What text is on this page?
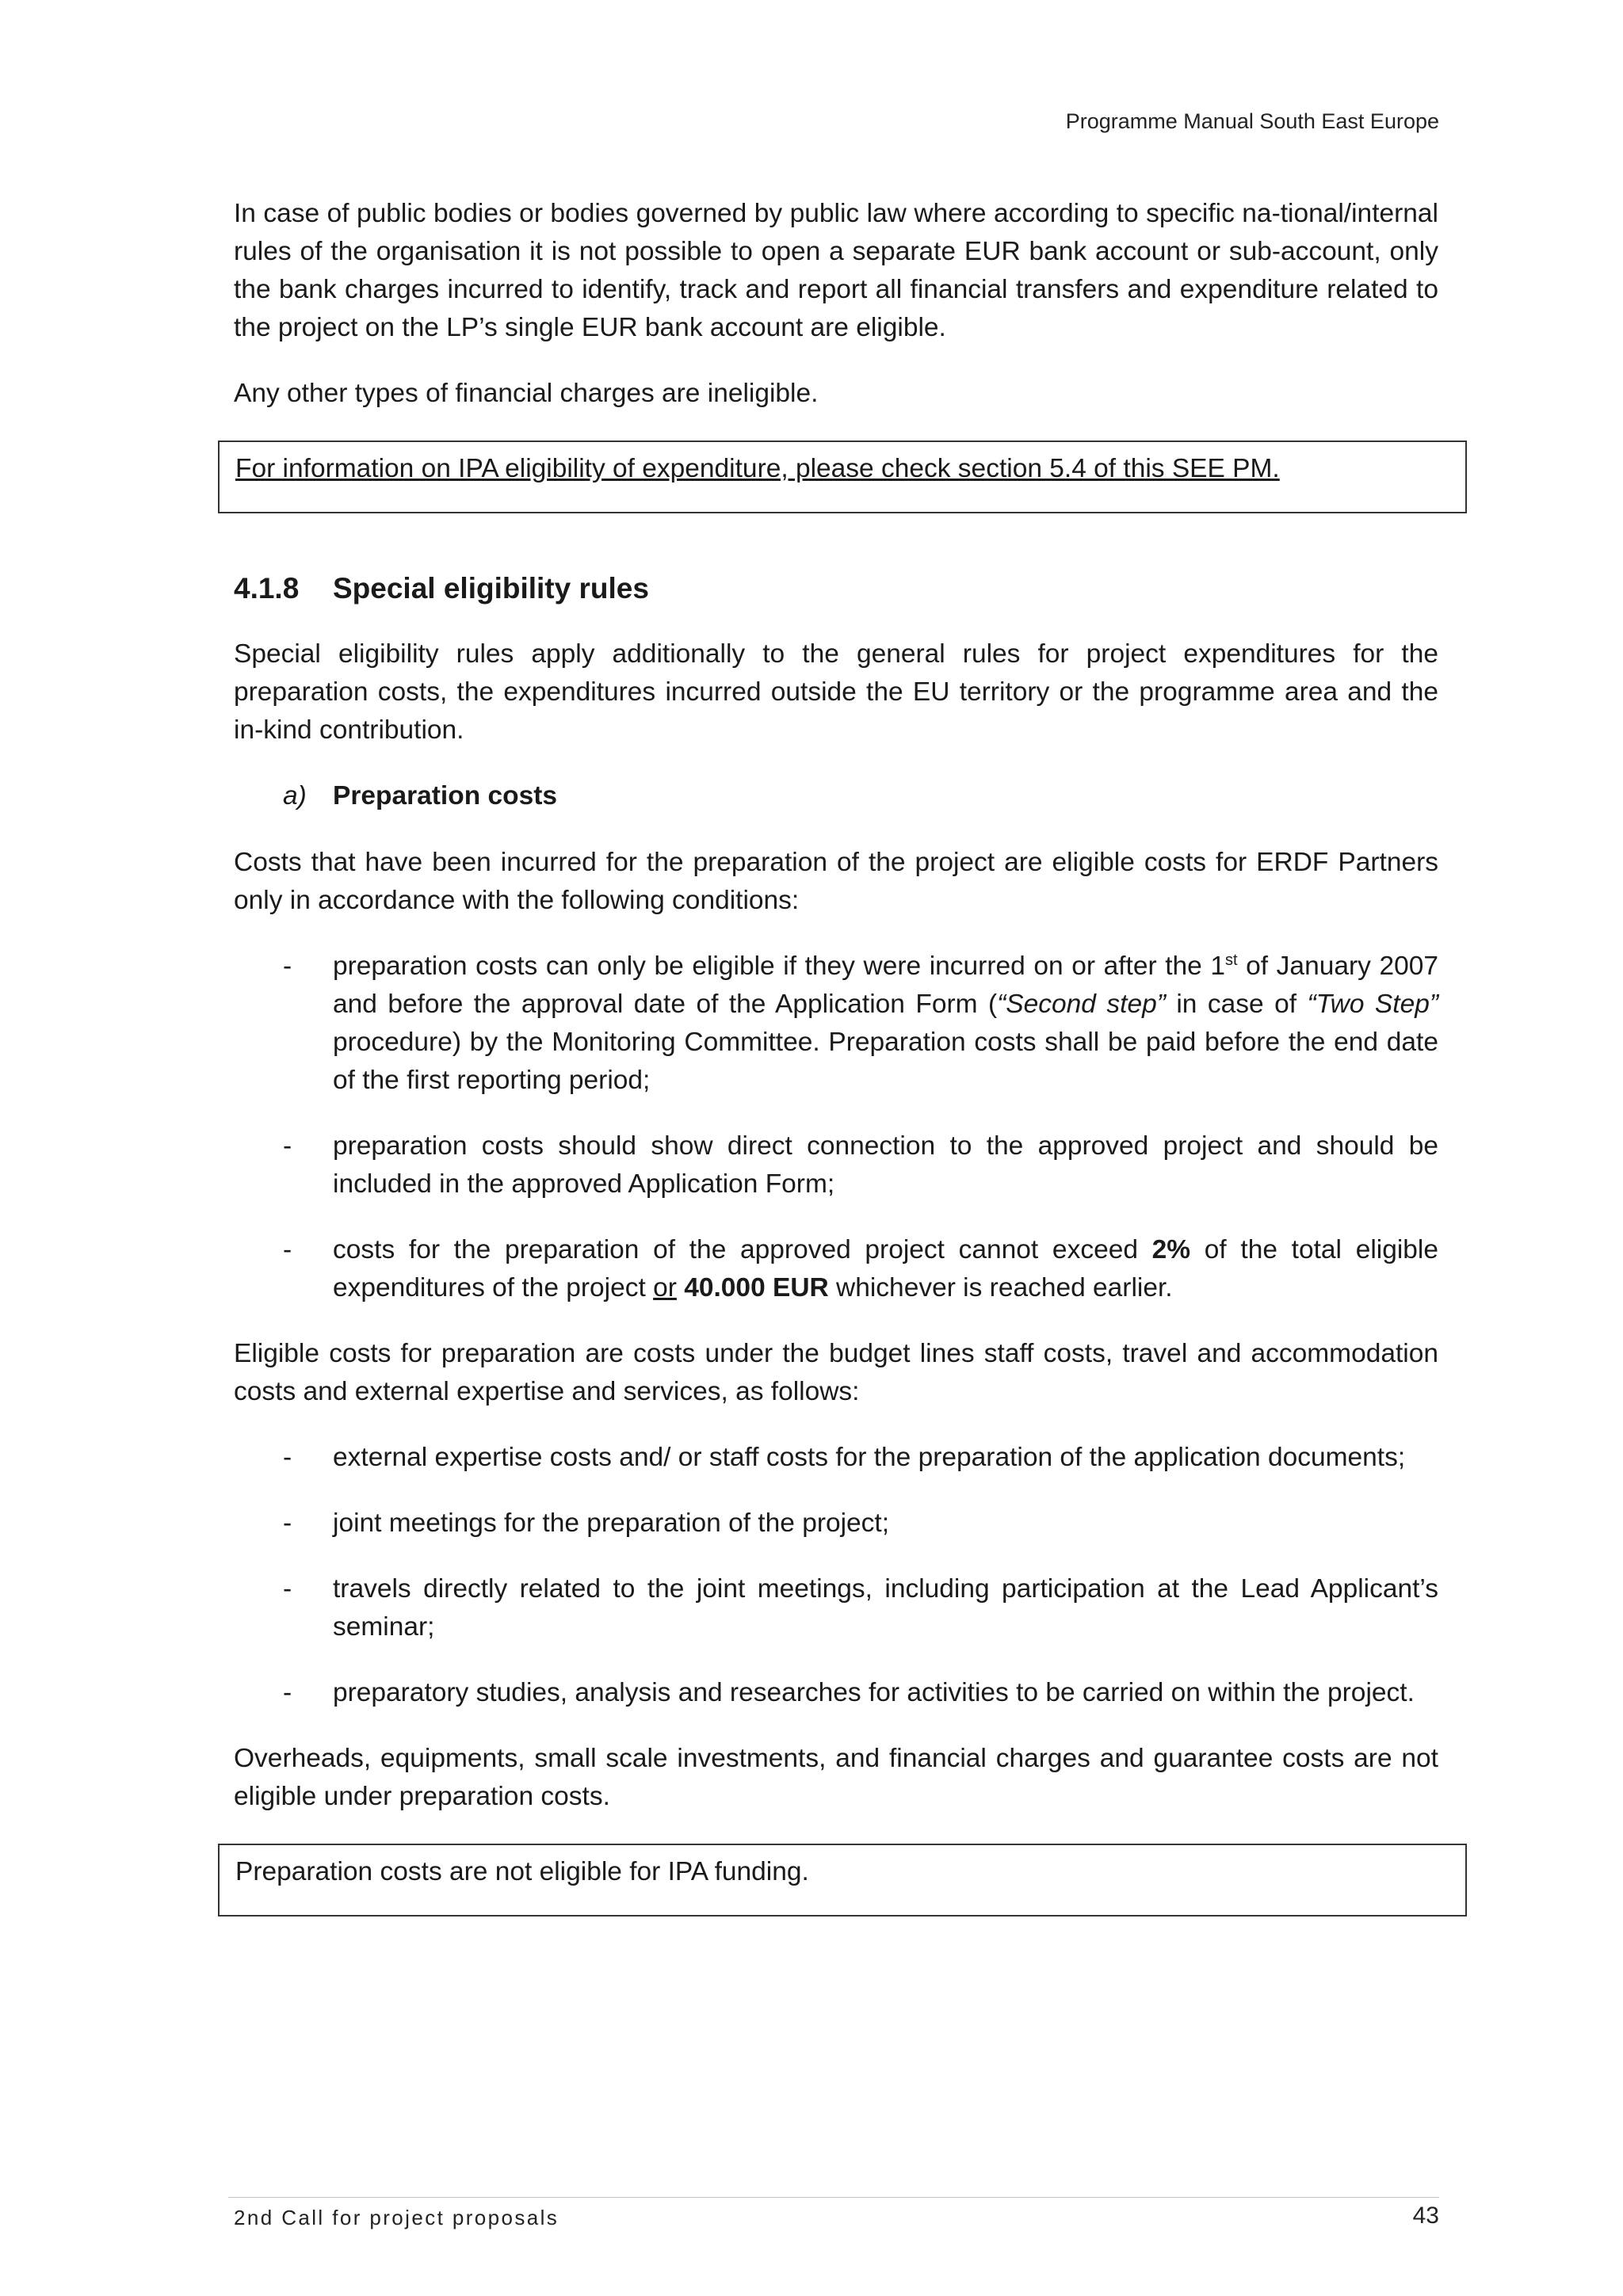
Programme Manual South East Europe

In case of public bodies or bodies governed by public law where according to specific na-tional/internal rules of the organisation it is not possible to open a separate EUR bank account or sub-account, only the bank charges incurred to identify, track and report all financial transfers and expenditure related to the project on the LP’s single EUR bank account are eligible.

Any other types of financial charges are ineligible.

For information on IPA eligibility of expenditure, please check section 5.4 of this SEE PM.
4.1.8 Special eligibility rules

Special eligibility rules apply additionally to the general rules for project expenditures for the preparation costs, the expenditures incurred outside the EU territory or the programme area and the in-kind contribution.

a) Preparation costs

Costs that have been incurred for the preparation of the project are eligible costs for ERDF Partners only in accordance with the following conditions:

-	preparation costs can only be eligible if they were incurred on or after the 1st of January 2007 and before the approval date of the Application Form (“Second step” in case of “Two Step” procedure) by the Monitoring Committee. Preparation costs shall be paid before the end date of the first reporting period;
-	preparation costs should show direct connection to the approved project and should be included in the approved Application Form;
-	costs for the preparation of the approved project cannot exceed 2% of the total eligible expenditures of the project or 40.000 EUR whichever is reached earlier.

Eligible costs for preparation are costs under the budget lines staff costs, travel and accommodation costs and external expertise and services, as follows:

-	external expertise costs and/ or staff costs for the preparation of the application documents;
-	joint meetings for the preparation of the project;
-	travels directly related to the joint meetings, including participation at the Lead Applicant’s seminar;
-	preparatory studies, analysis and researches for activities to be carried on within the project.

Overheads, equipments, small scale investments, and financial charges and guarantee costs are not eligible under preparation costs.

Preparation costs are not eligible for IPA funding.
2nd Call for project proposals	43
